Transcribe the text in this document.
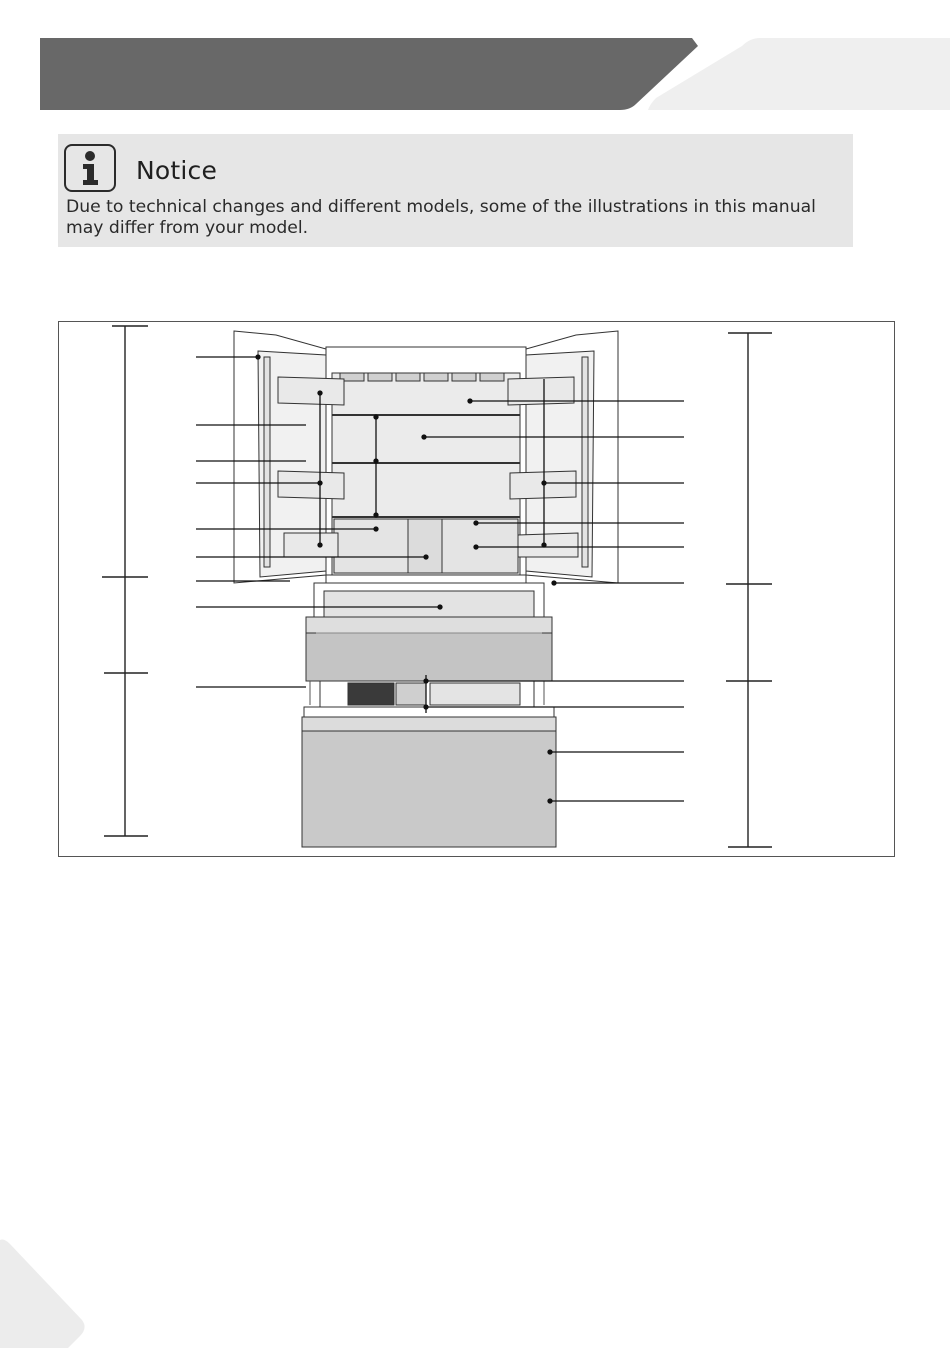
Notice
Due to technical changes and different models, some of the illustrations in this manual may differ from your model.
